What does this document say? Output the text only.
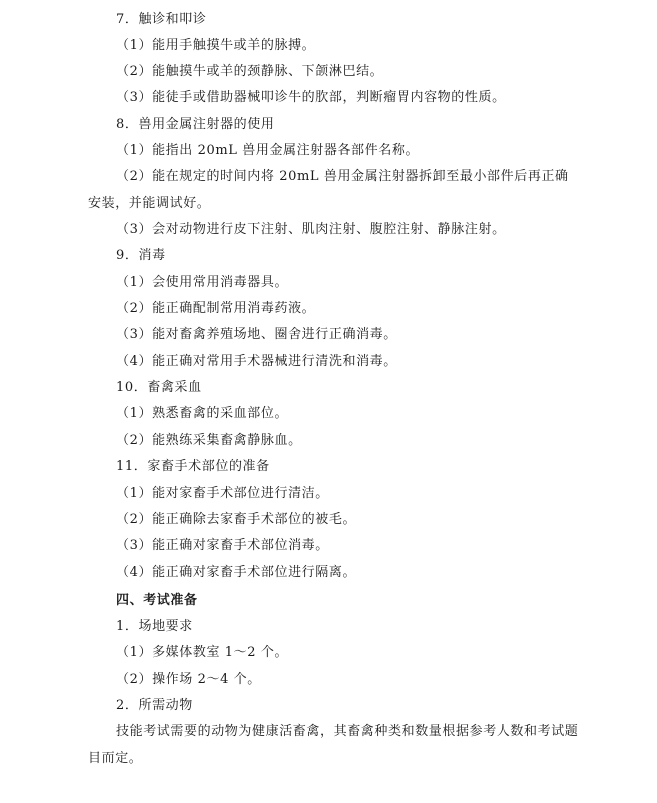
7．触诊和叩诊
（1）能用手触摸牛或羊的脉搏。
（2）能触摸牛或羊的颈静脉、下颌淋巴结。
（3）能徒手或借助器械叩诊牛的肷部，判断瘤胃内容物的性质。
8．兽用金属注射器的使用
（1）能指出 20mL 兽用金属注射器各部件名称。
（2）能在规定的时间内将 20mL 兽用金属注射器拆卸至最小部件后再正确
安装，并能调试好。
（3）会对动物进行皮下注射、肌肉注射、腹腔注射、静脉注射。
9．消毒
（1）会使用常用消毒器具。
（2）能正确配制常用消毒药液。
（3）能对畜禽养殖场地、圈舍进行正确消毒。
（4）能正确对常用手术器械进行清洗和消毒。
10．畜禽采血
（1）熟悉畜禽的采血部位。
（2）能熟练采集畜禽静脉血。
11．家畜手术部位的准备
（1）能对家畜手术部位进行清洁。
（2）能正确除去家畜手术部位的被毛。
（3）能正确对家畜手术部位消毒。
（4）能正确对家畜手术部位进行隔离。
四、考试准备
1．场地要求
（1）多媒体教室 1～2 个。
（2）操作场 2～4 个。
2．所需动物
技能考试需要的动物为健康活畜禽，其畜禽种类和数量根据参考人数和考试题
目而定。
